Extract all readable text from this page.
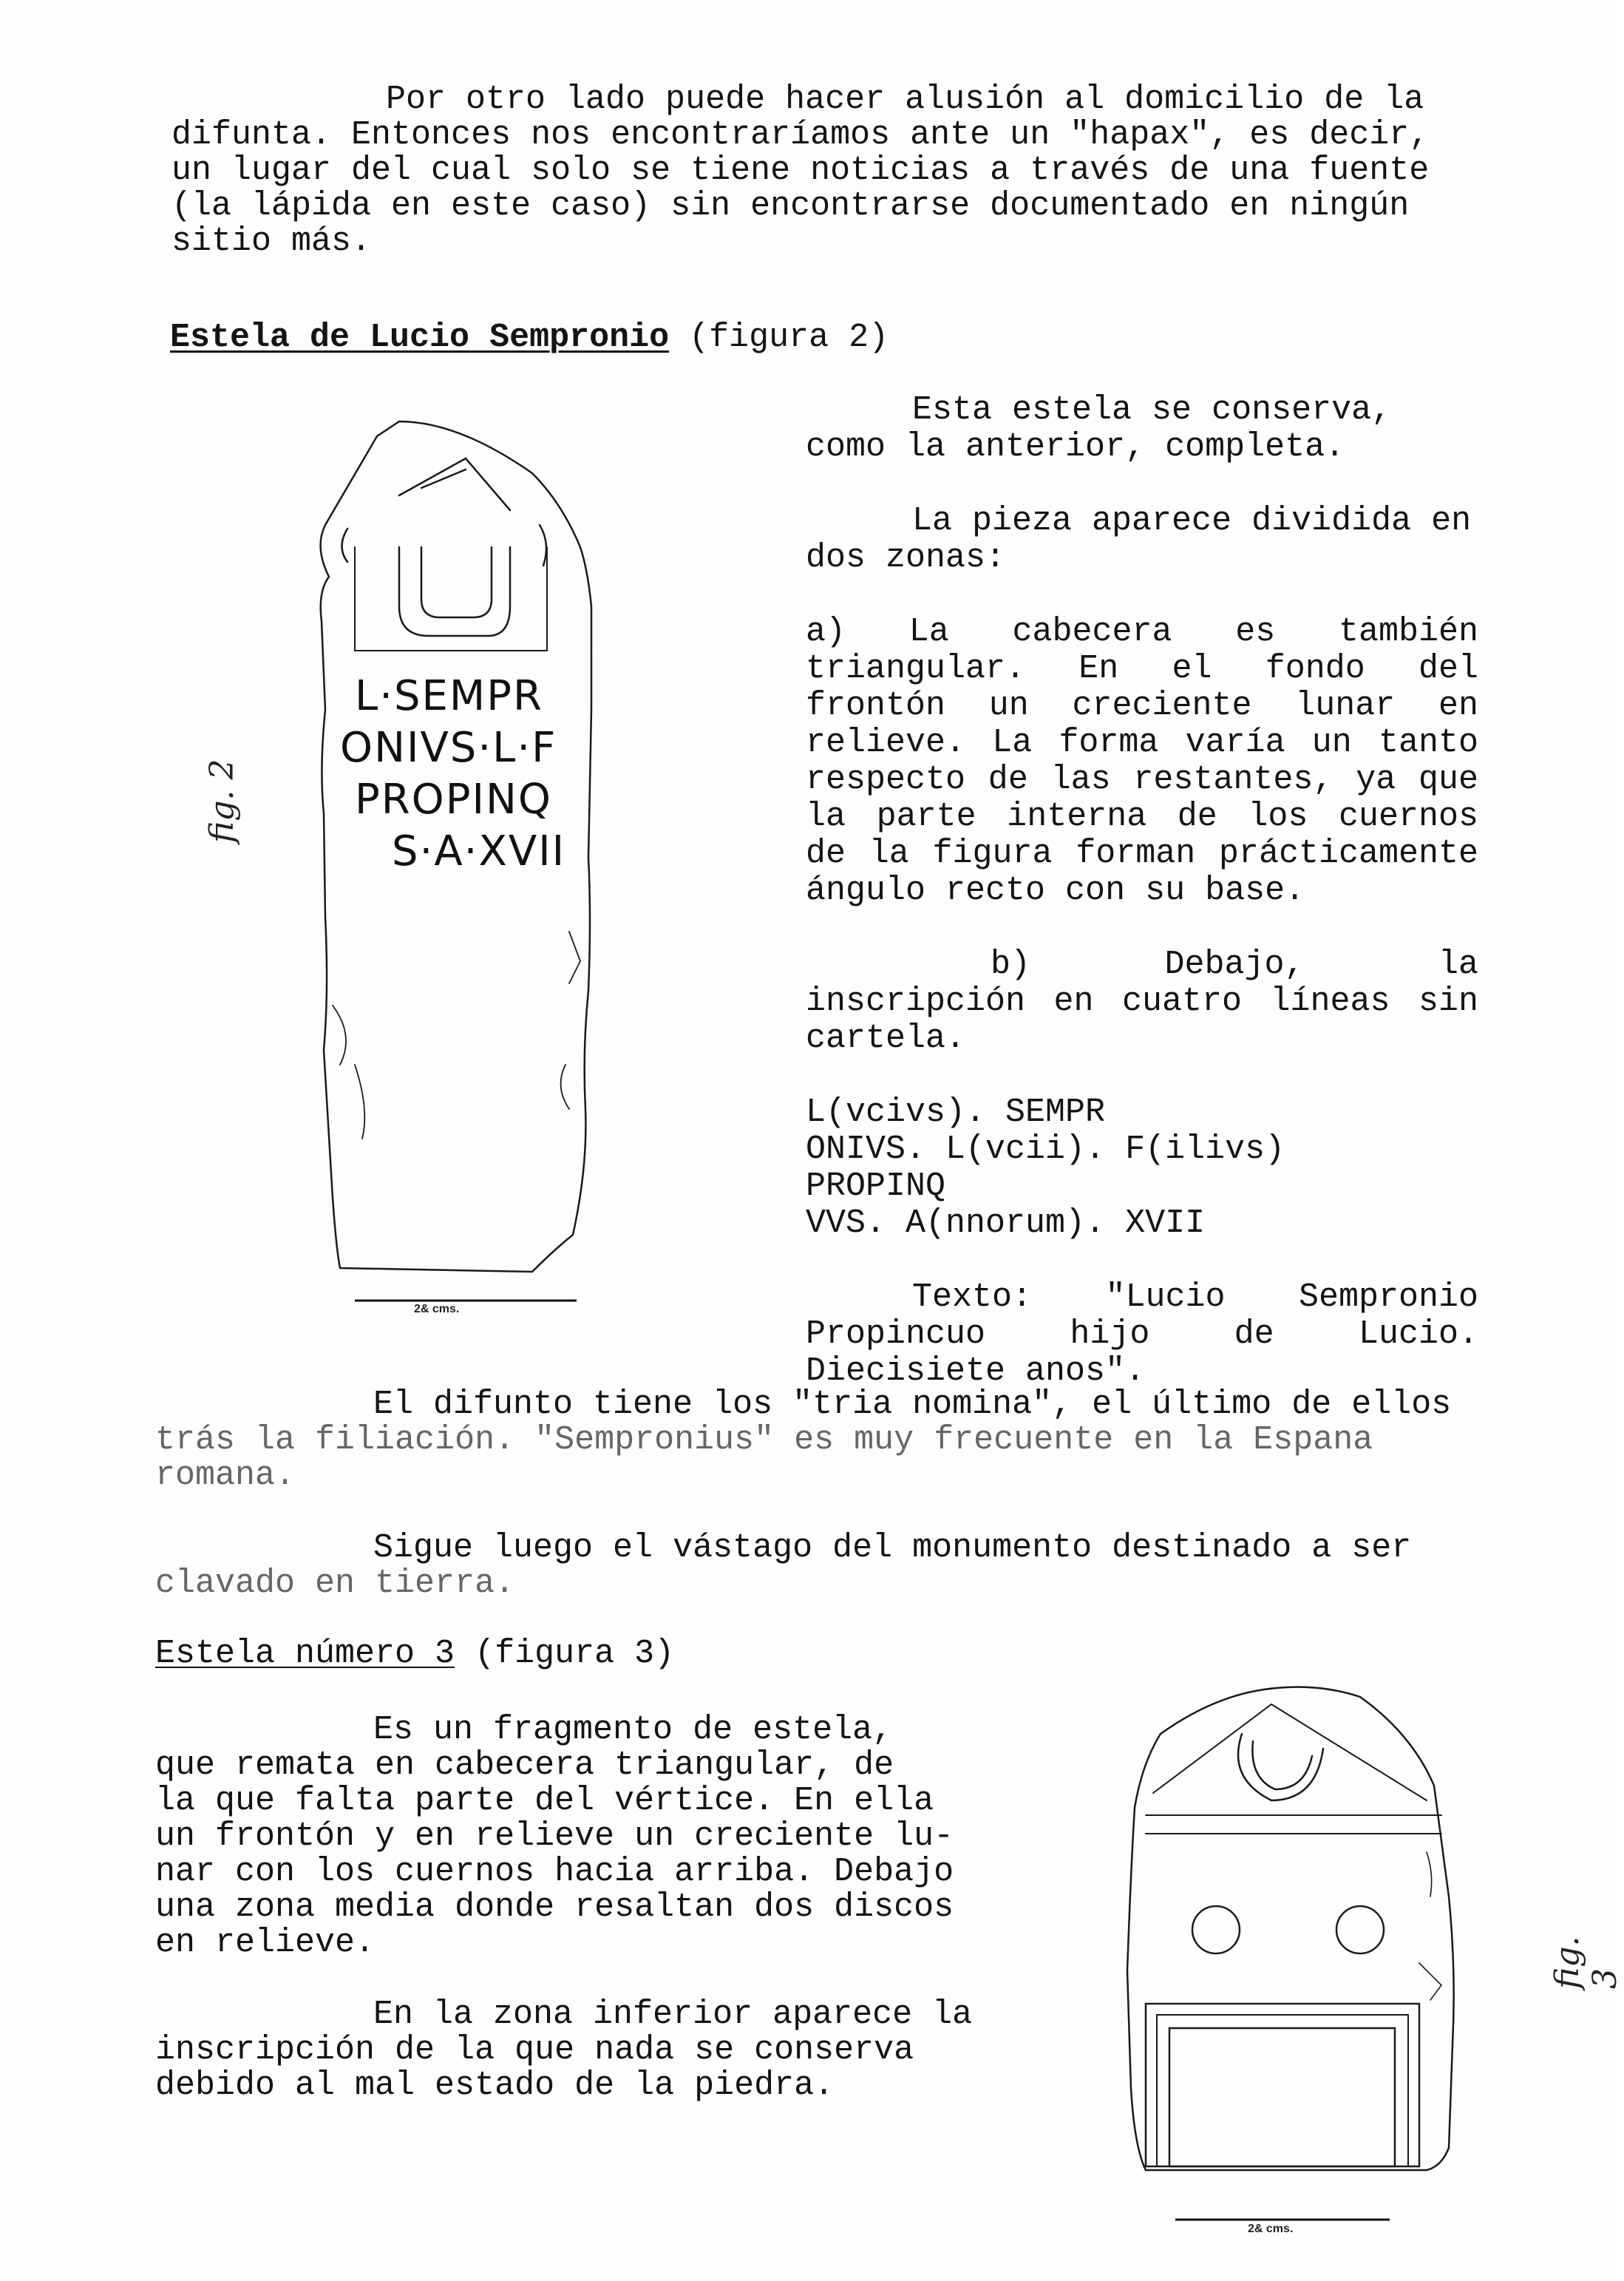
Por otro lado puede hacer alusión al domicilio de la

difunta. Entonces nos encontraríamos ante un "hapax", es decir,

un lugar del cual solo se tiene noticias a través de una fuente

(la lápida en este caso) sin encontrarse documentado en ningún

sitio más.

Estela de Lucio Sempronio (figura 2)

L·SEMPR
ONIVS·L·F
PROPINQ
S·A·XVII
fig. 2
2& cms.

Esta estela se conserva,

como la anterior, completa.

La pieza aparece dividida en

dos zonas:

a) La cabecera es también

triangular. En el fondo del

frontón un creciente lunar en

relieve. La forma varía un tanto

respecto de las restantes, ya que

la parte interna de los cuernos

de la figura forman prácticamente

ángulo recto con su base.

b) Debajo, la

inscripción en cuatro líneas sin

cartela.

L(vcivs). SEMPR

ONIVS. L(vcii). F(ilivs)

PROPINQ

VVS. A(nnorum). XVII

Texto: "Lucio Sempronio

Propincuo hijo de Lucio.

Diecisiete anos".

El difunto tiene los "tria nomina", el último de ellos

trás la filiación. "Sempronius" es muy frecuente en la Espana

romana.

Sigue luego el vástago del monumento destinado a ser

clavado en tierra.

Estela número 3 (figura 3)

Es un fragmento de estela,

que remata en cabecera triangular, de

la que falta parte del vértice. En ella

un frontón y en relieve un creciente lu-

nar con los cuernos hacia arriba. Debajo

una zona media donde resaltan dos discos

en relieve.

En la zona inferior aparece la

inscripción de la que nada se conserva

debido al mal estado de la piedra.

fig. 3
2& cms.
